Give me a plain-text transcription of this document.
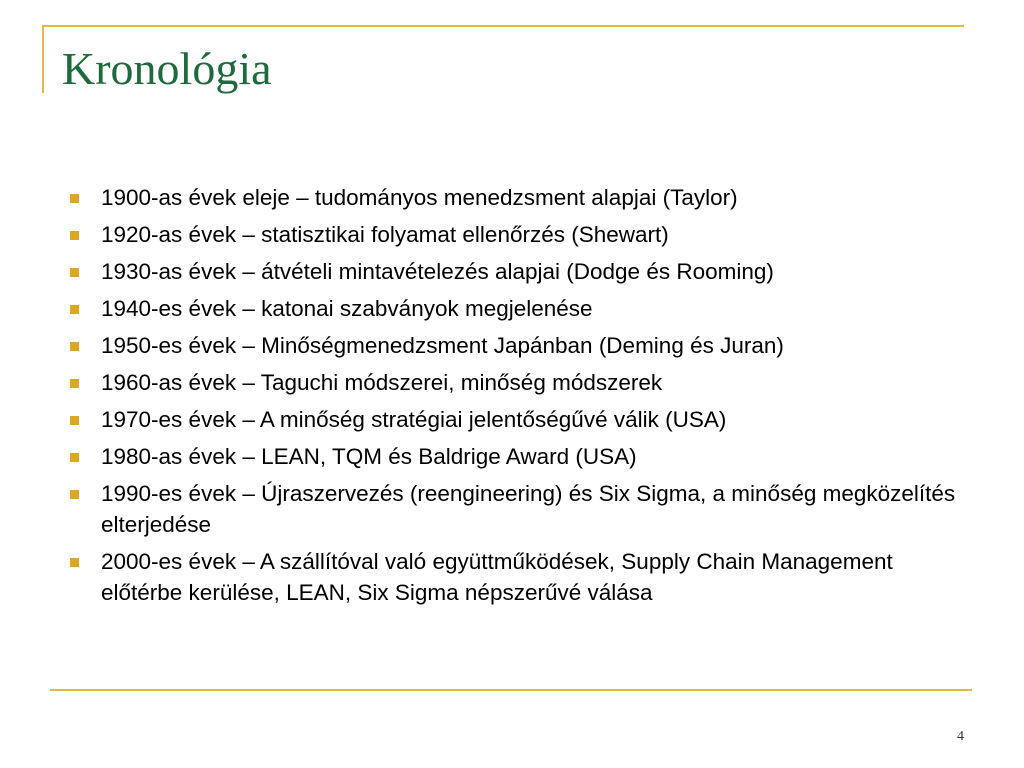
Kronológia
1900-as évek eleje – tudományos menedzsment alapjai (Taylor)
1920-as évek – statisztikai folyamat ellenőrzés (Shewart)
1930-as évek – átvételi mintavételezés alapjai (Dodge és Rooming)
1940-es évek – katonai szabványok megjelenése
1950-es évek – Minőségmenedzsment Japánban (Deming és Juran)
1960-as évek – Taguchi módszerei, minőség módszerek
1970-es évek – A minőség stratégiai jelentőségűvé válik (USA)
1980-as évek – LEAN, TQM és Baldrige Award (USA)
1990-es évek – Újraszervezés (reengineering) és Six Sigma, a minőség megközelítés elterjedése
2000-es évek – A szállítóval való együttműködések, Supply Chain Management előtérbe kerülése, LEAN, Six Sigma népszerűvé válása
4
